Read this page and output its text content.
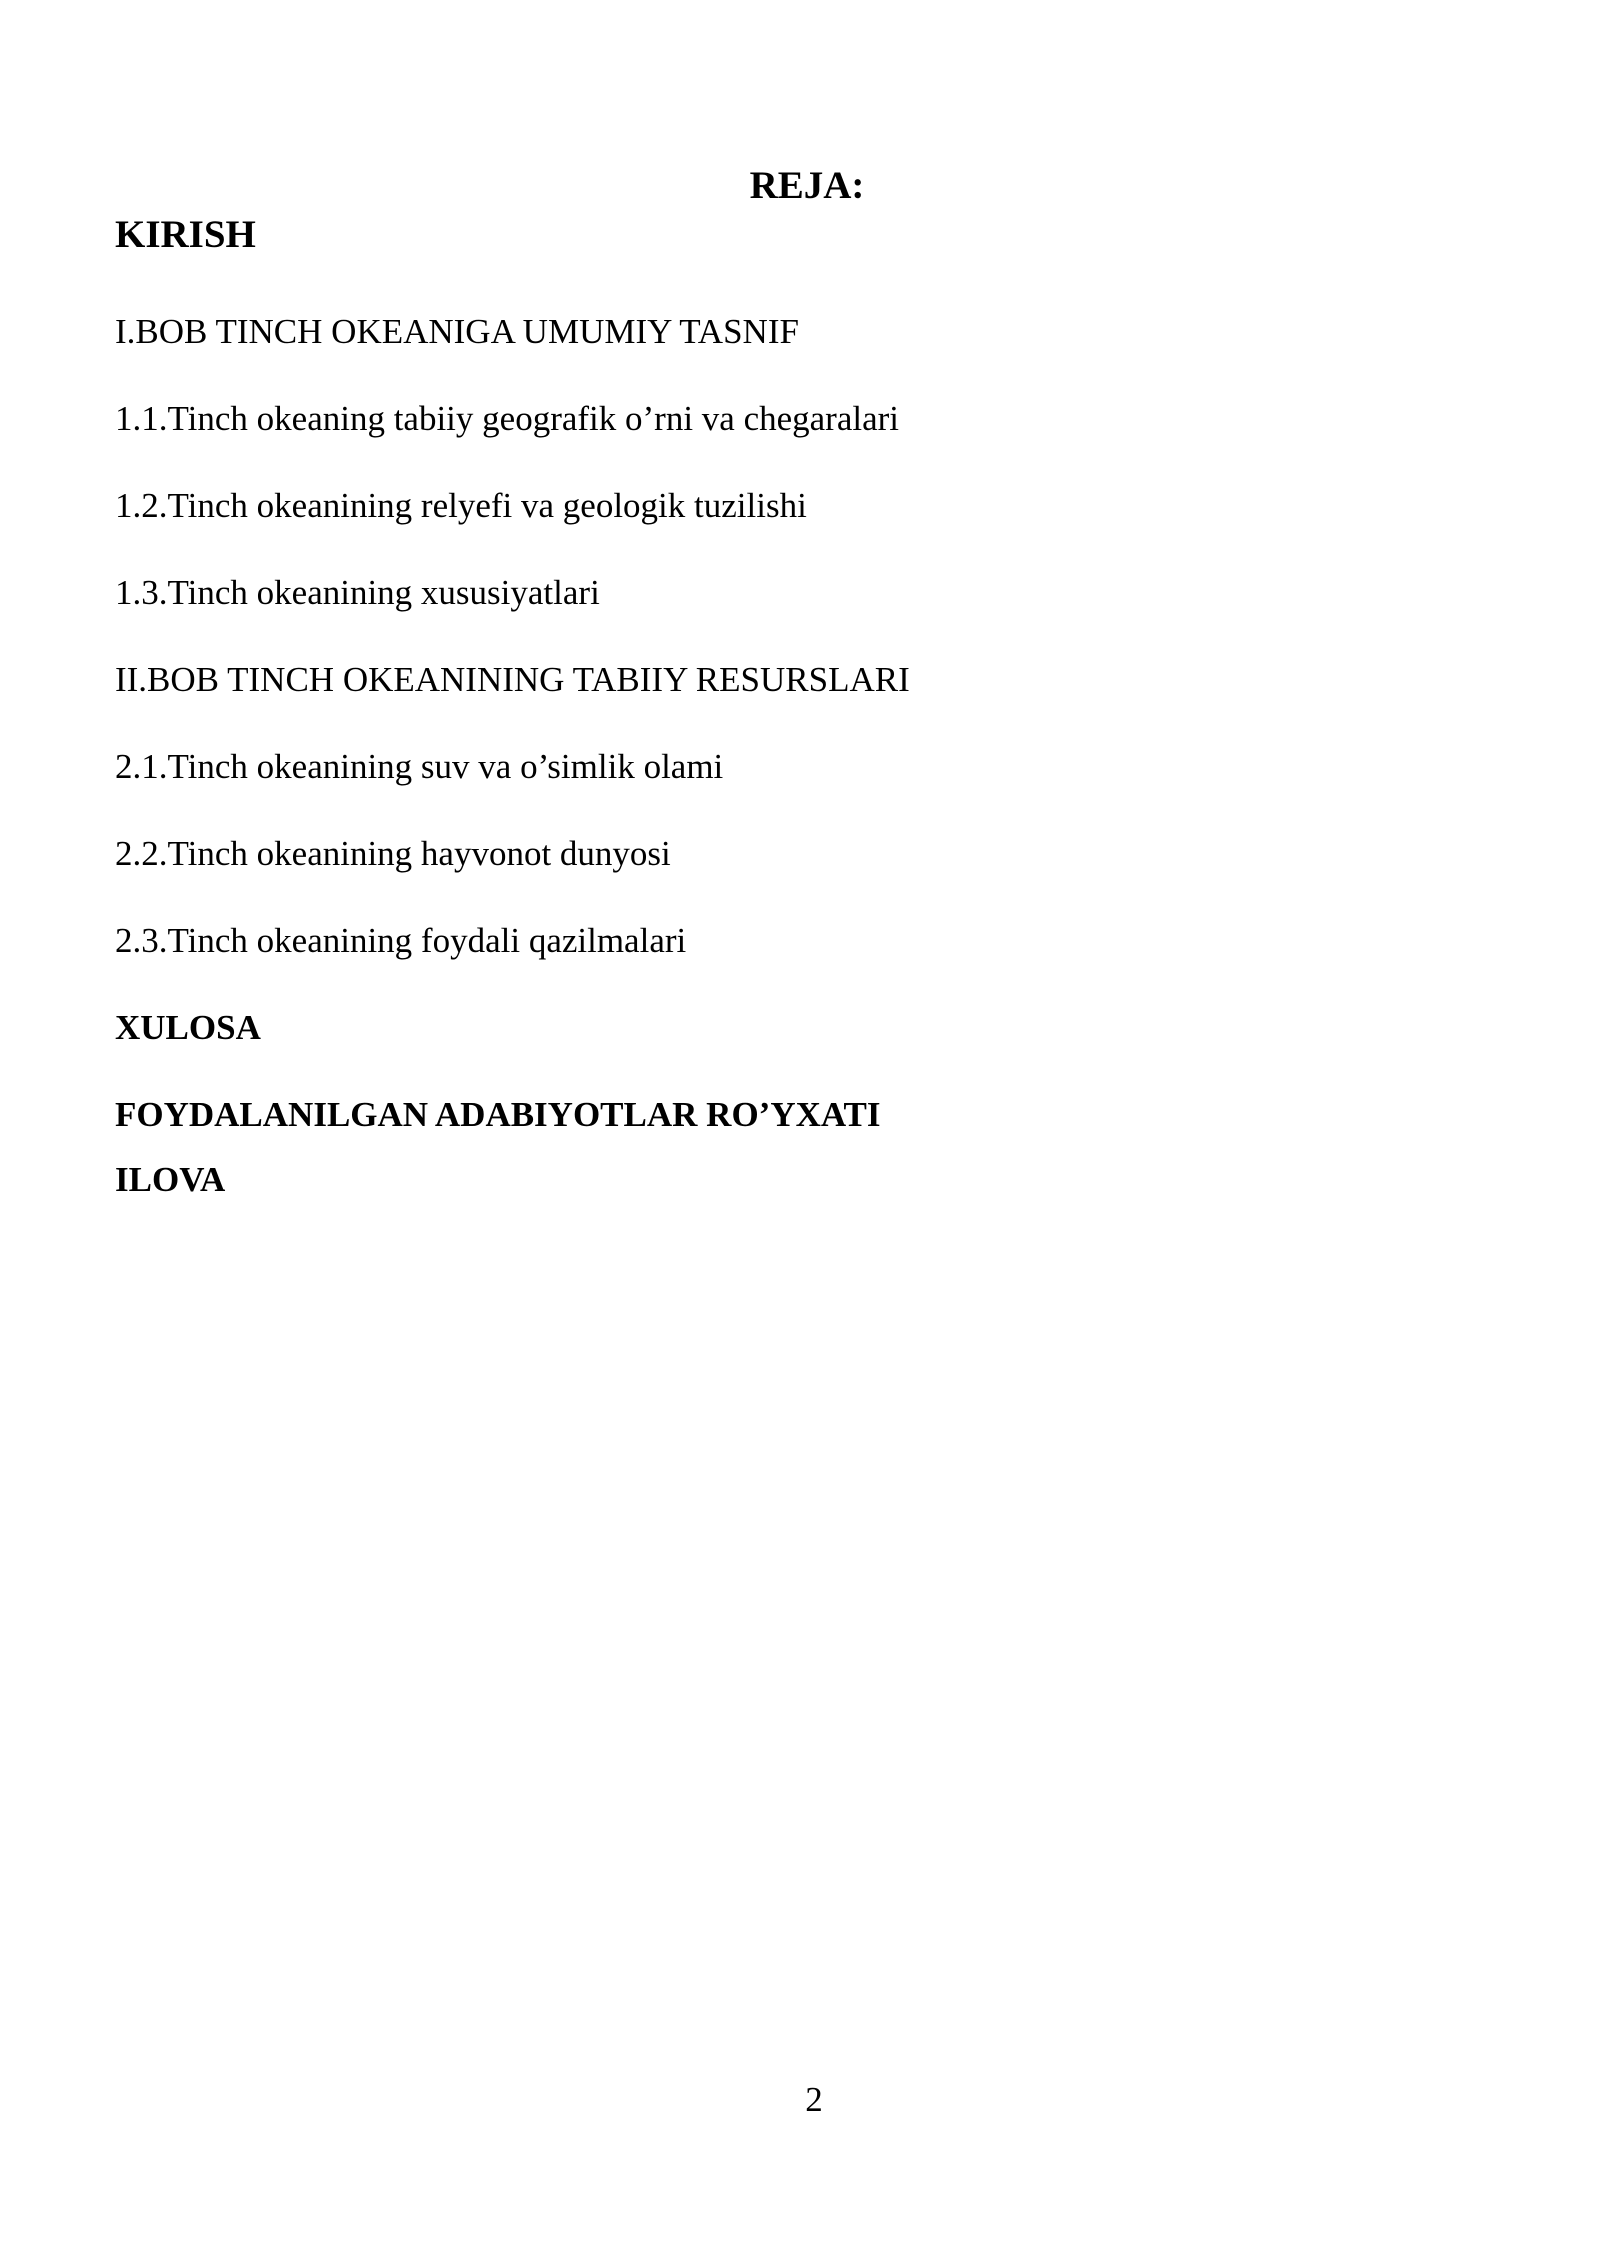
REJA:
KIRISH
I.BOB TINCH OKEANIGA UMUMIY TASNIF
1.1.Tinch okeaning tabiiy geografik o’rni va chegaralari
1.2.Tinch okeanining relyefi va geologik tuzilishi
1.3.Tinch okeanining xususiyatlari
II.BOB TINCH OKEANINING TABIIY RESURSLARI
2.1.Tinch okeanining suv va o’simlik olami
2.2.Tinch okeanining hayvonot dunyosi
2.3.Tinch okeanining foydali qazilmalari
XULOSA
FOYDALANILGAN ADABIYOTLAR RO’YXATI
ILOVA
2
